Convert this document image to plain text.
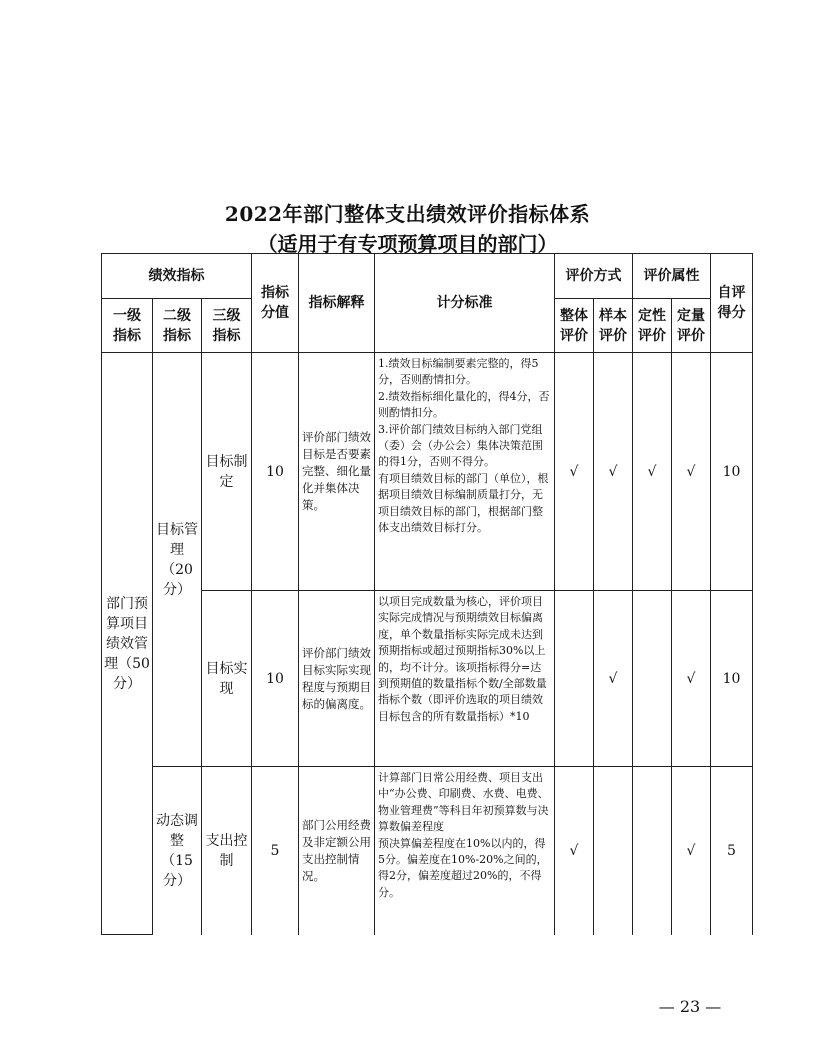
2022年部门整体支出绩效评价指标体系
（适用于有专项预算项目的部门）
绩效指标			指标分值	指标解释	计分标准	评价方式		评价属性		自评得分

一级指标	二级指标	三级指标				整体评价	样本评价	定性评价	定量评价	

部门预算项目绩效管理（50分）	目标管理（20分）	目标制定	10	评价部门绩效目标是否要素完整、细化量化并集体决策。	1.绩效目标编制要素完整的，得5分，否则酌情扣分。
2.绩效指标细化量化的，得4分，否则酌情扣分。
3.评价部门绩效目标纳入部门党组（委）会（办公会）集体决策范围的得1分，否则不得分。
有项目绩效目标的部门（单位），根据项目绩效目标编制质量打分，无项目绩效目标的部门，根据部门整体支出绩效目标打分。	√	√	√	√	10

		目标实现	10	评价部门绩效目标实际实现程度与预期目标的偏离度。	以项目完成数量为核心，评价项目实际完成情况与预期绩效目标偏离度，单个数量指标实际完成未达到预期指标或超过预期指标30%以上的，均不计分。该项指标得分=达到预期值的数量指标个数/全部数量指标个数（即评价选取的项目绩效目标包含的所有数量指标）*10		√		√	10

	动态调整（15分）	支出控制	5	部门公用经费及非定额公用支出控制情况。	计算部门日常公用经费、项目支出中“办公费、印刷费、水费、电费、物业管理费”等科目年初预算数与决算数偏差程度
预决算偏差程度在10%以内的，得5分。偏差度在10%-20%之间的，得2分，偏差度超过20%的，不得分。	√			√	5
— 23 —
